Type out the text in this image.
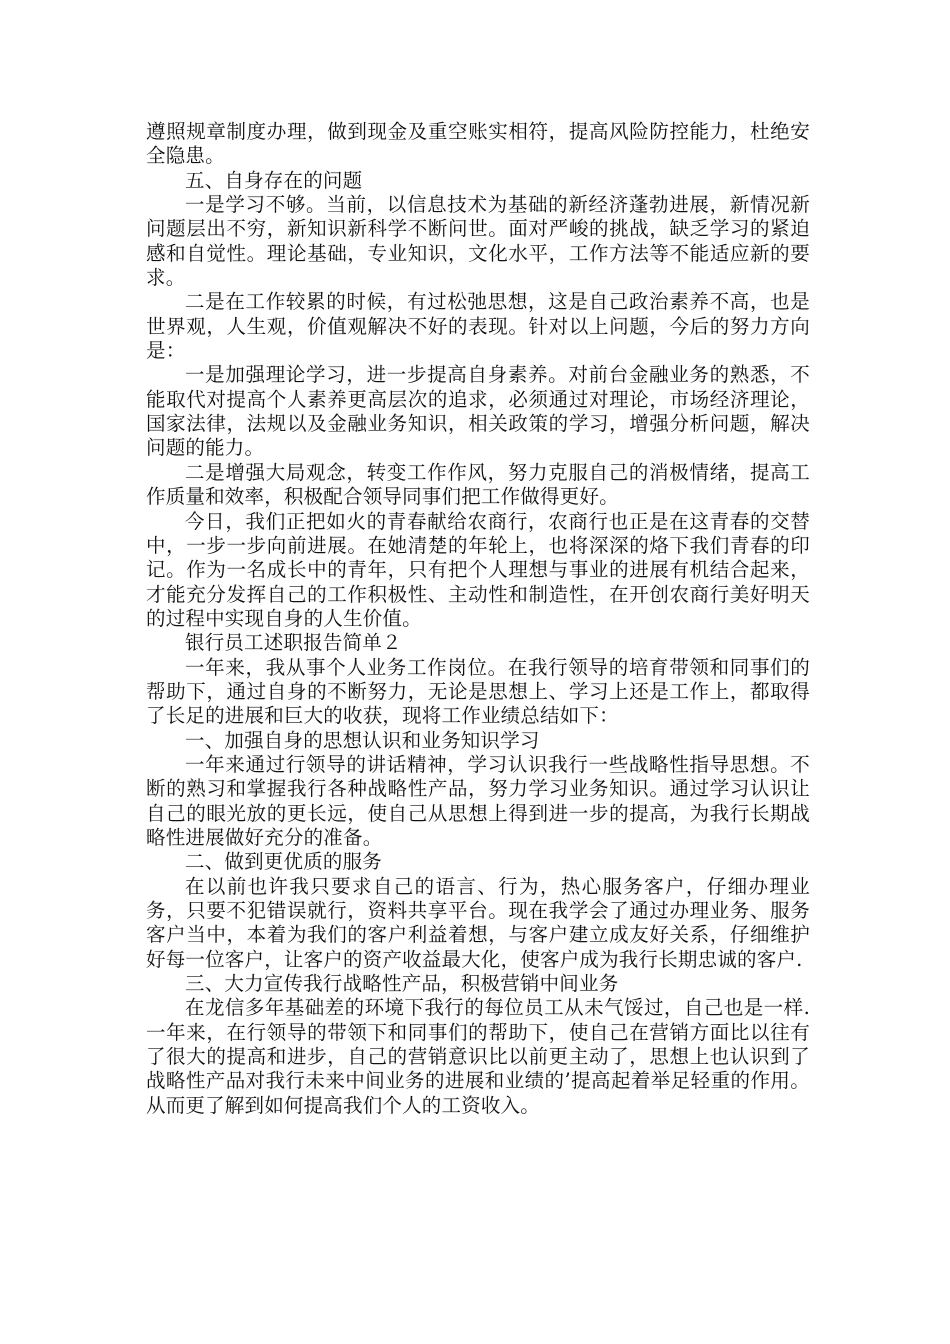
遵照规章制度办理，做到现金及重空账实相符，提高风险防控能力，杜绝安全隐患。

五、自身存在的问题

一是学习不够。当前，以信息技术为基础的新经济蓬勃进展，新情况新问题层出不穷，新知识新科学不断问世。面对严峻的挑战，缺乏学习的紧迫感和自觉性。理论基础，专业知识，文化水平，工作方法等不能适应新的要求。

二是在工作较累的时候，有过松弛思想，这是自己政治素养不高，也是世界观，人生观，价值观解决不好的表现。针对以上问题，今后的努力方向是：

一是加强理论学习，进一步提高自身素养。对前台金融业务的熟悉，不能取代对提高个人素养更高层次的追求，必须通过对理论，市场经济理论，国家法律，法规以及金融业务知识，相关政策的学习，增强分析问题，解决问题的能力。

二是增强大局观念，转变工作作风，努力克服自己的消极情绪，提高工作质量和效率，积极配合领导同事们把工作做得更好。

今日，我们正把如火的青春献给农商行，农商行也正是在这青春的交替中，一步一步向前进展。在她清楚的年轮上，也将深深的烙下我们青春的印记。作为一名成长中的青年，只有把个人理想与事业的进展有机结合起来，才能充分发挥自己的工作积极性、主动性和制造性，在开创农商行美好明天的过程中实现自身的人生价值。

银行员工述职报告简单２

一年来，我从事个人业务工作岗位。在我行领导的培育带领和同事们的帮助下，通过自身的不断努力，无论是思想上、学习上还是工作上，都取得了长足的进展和巨大的收获，现将工作业绩总结如下：

一、加强自身的思想认识和业务知识学习

一年来通过行领导的讲话精神，学习认识我行一些战略性指导思想。不断的熟习和掌握我行各种战略性产品，努力学习业务知识。通过学习认识让自己的眼光放的更长远，使自己从思想上得到进一步的提高，为我行长期战略性进展做好充分的准备。

二、做到更优质的服务

在以前也许我只要求自己的语言、行为，热心服务客户，仔细办理业务，只要不犯错误就行，资料共享平台。现在我学会了通过办理业务、服务客户当中，本着为我们的客户利益着想，与客户建立成友好关系，仔细维护好每一位客户，让客户的资产收益最大化，使客户成为我行长期忠诚的客户.

三、大力宣传我行战略性产品，积极营销中间业务

在龙信多年基础差的环境下我行的每位员工从未气馁过，自己也是一样.一年来，在行领导的带领下和同事们的帮助下，使自己在营销方面比以往有了很大的提高和进步，自己的营销意识比以前更主动了，思想上也认识到了战略性产品对我行未来中间业务的进展和业绩的’提高起着举足轻重的作用。从而更了解到如何提高我们个人的工资收入。
